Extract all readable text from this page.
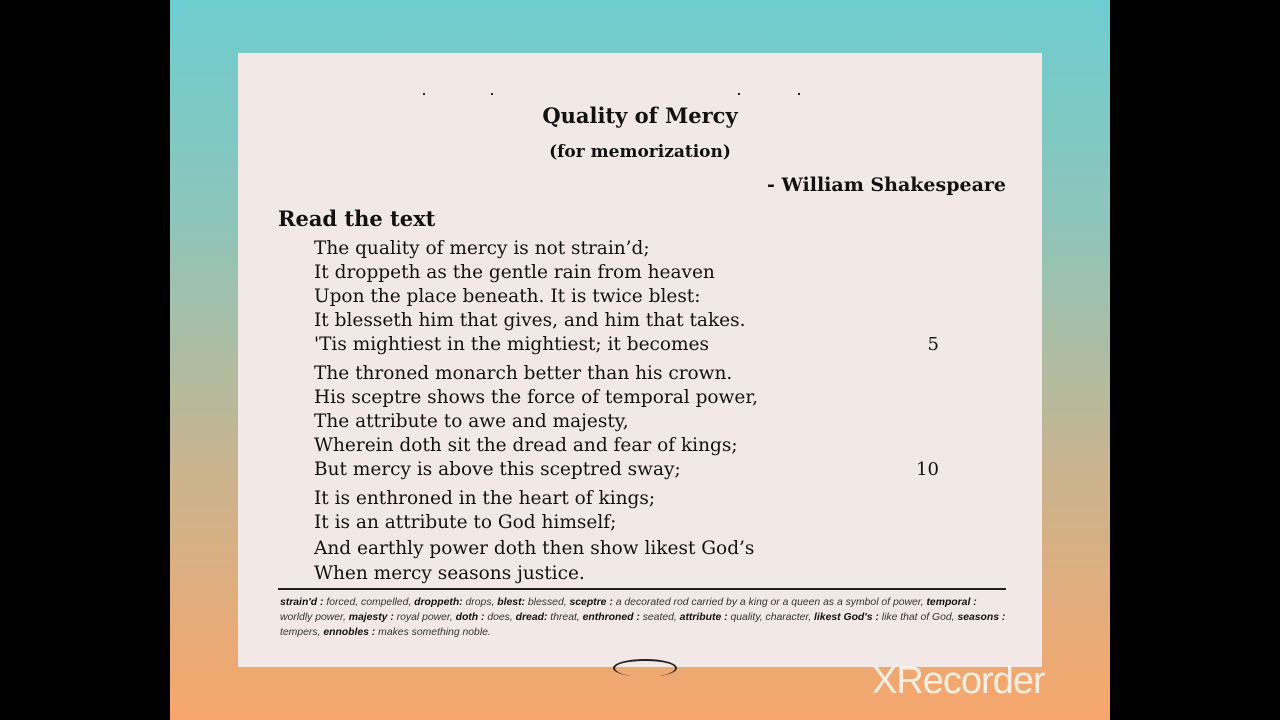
Quality of Mercy
(for memorization)
- William Shakespeare
Read the text
The quality of mercy is not strain’d;
It droppeth as the gentle rain from heaven
Upon the place beneath. It is twice blest:
It blesseth him that gives, and him that takes.
'Tis mightiest in the mightiest; it becomes	5
The throned monarch better than his crown.
His sceptre shows the force of temporal power,
The attribute to awe and majesty,
Wherein doth sit the dread and fear of kings;
But mercy is above this sceptred sway;	10
It is enthroned in the heart of kings;
It is an attribute to God himself;
And earthly power doth then show likest God’s
When mercy seasons justice.
strain'd : forced, compelled, droppeth: drops, blest: blessed, sceptre : a decorated rod carried by a king or a queen as a symbol of power, temporal : worldly power, majesty : royal power, doth : does, dread: threat, enthroned : seated, attribute : quality, character, likest God's : like that of God, seasons : tempers, ennobles : makes something noble.
XRecorder
